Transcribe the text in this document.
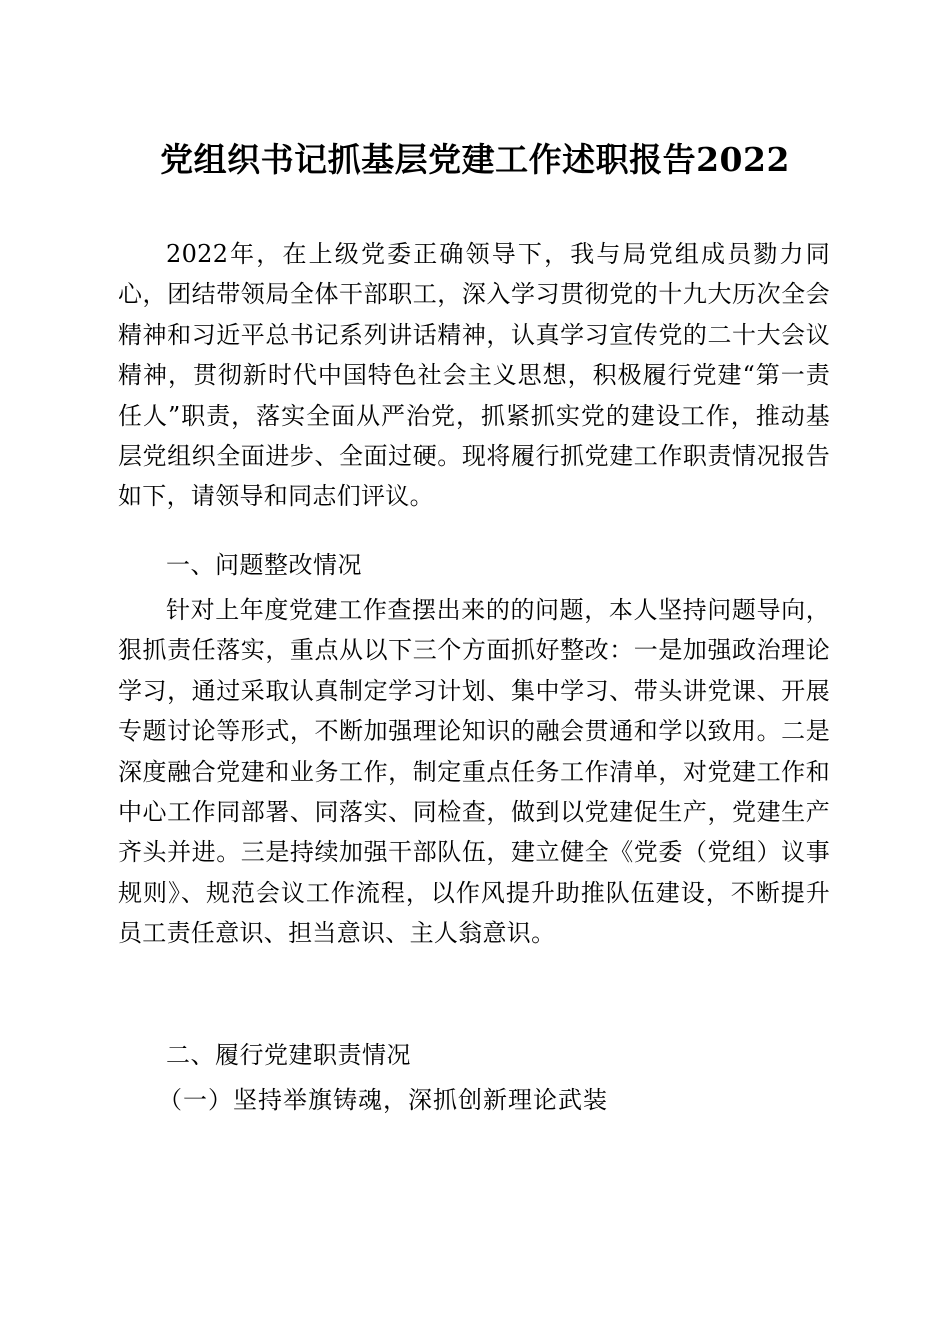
党组织书记抓基层党建工作述职报告2022

2022年，在上级党委正确领导下，我与局党组成员勠力同心，团结带领局全体干部职工，深入学习贯彻党的十九大历次全会精神和习近平总书记系列讲话精神，认真学习宣传党的二十大会议精神，贯彻新时代中国特色社会主义思想，积极履行党建“第一责任人”职责，落实全面从严治党，抓紧抓实党的建设工作，推动基层党组织全面进步、全面过硬。现将履行抓党建工作职责情况报告如下，请领导和同志们评议。

一、问题整改情况

针对上年度党建工作查摆出来的的问题，本人坚持问题导向，狠抓责任落实，重点从以下三个方面抓好整改：一是加强政治理论学习，通过采取认真制定学习计划、集中学习、带头讲党课、开展专题讨论等形式，不断加强理论知识的融会贯通和学以致用。二是深度融合党建和业务工作，制定重点任务工作清单，对党建工作和中心工作同部署、同落实、同检查，做到以党建促生产，党建生产齐头并进。三是持续加强干部队伍，建立健全《党委（党组）议事规则》、规范会议工作流程，以作风提升助推队伍建设，不断提升员工责任意识、担当意识、主人翁意识。

二、履行党建职责情况
（一）坚持举旗铸魂，深抓创新理论武装
